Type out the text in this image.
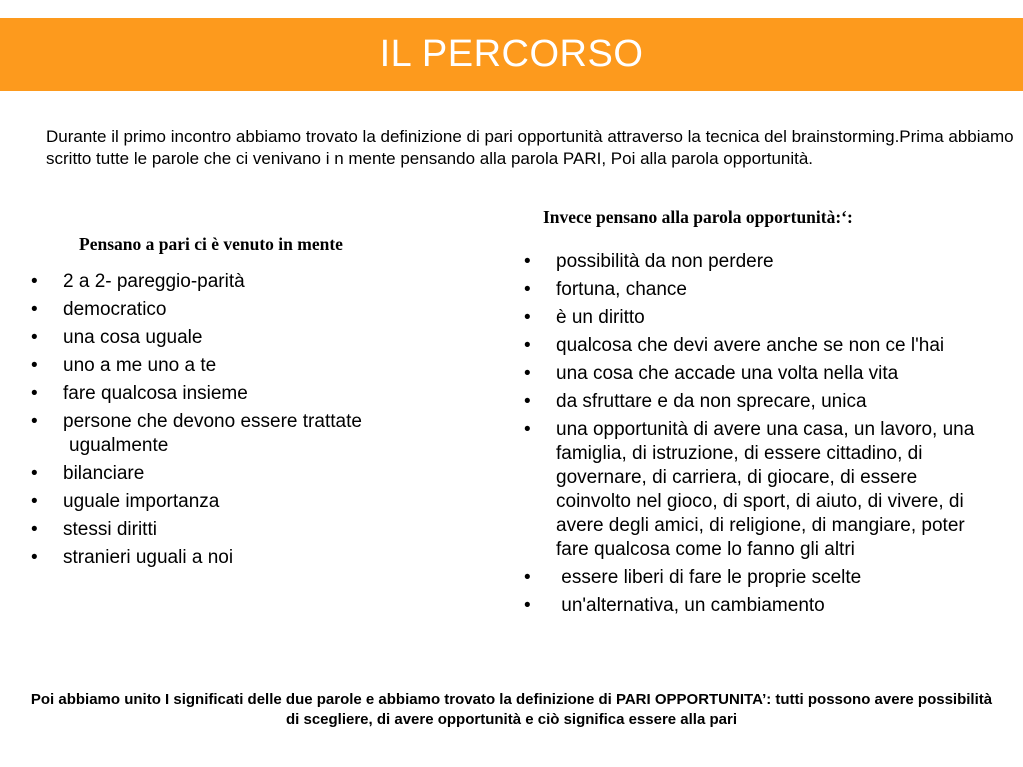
IL PERCORSO

Durante il primo incontro abbiamo trovato la definizione di pari opportunità attraverso la tecnica del brainstorming.Prima abbiamo scritto tutte le parole che ci venivano i n mente pensando alla parola PARI, Poi alla parola opportunità.

Pensano a pari ci è venuto in mente
• 2 a 2- pareggio-parità
• democratico
• una cosa uguale
• uno a me uno a te
• fare qualcosa insieme
• persone che devono essere trattate
ugualmente
• bilanciare
• uguale importanza
• stessi diritti
• stranieri uguali a noi
Invece pensano alla parola opportunità:‘:
• possibilità da non perdere
• fortuna, chance
• è un diritto
• qualcosa che devi avere anche se non ce l'hai
• una cosa che accade una volta nella vita
• da sfruttare e da non sprecare, unica
• una opportunità di avere una casa, un lavoro, una famiglia, di istruzione, di essere cittadino, di governare, di carriera, di giocare, di essere coinvolto nel gioco, di sport, di aiuto, di vivere, di avere degli amici, di religione, di mangiare, poter fare qualcosa come lo fanno gli altri
•  essere liberi di fare le proprie scelte
•  un'alternativa, un cambiamento

Poi abbiamo unito I significati delle due parole e abbiamo trovato la definizione di PARI OPPORTUNITA’: tutti possono avere possibilità di scegliere, di avere opportunità e ciò significa essere alla pari
